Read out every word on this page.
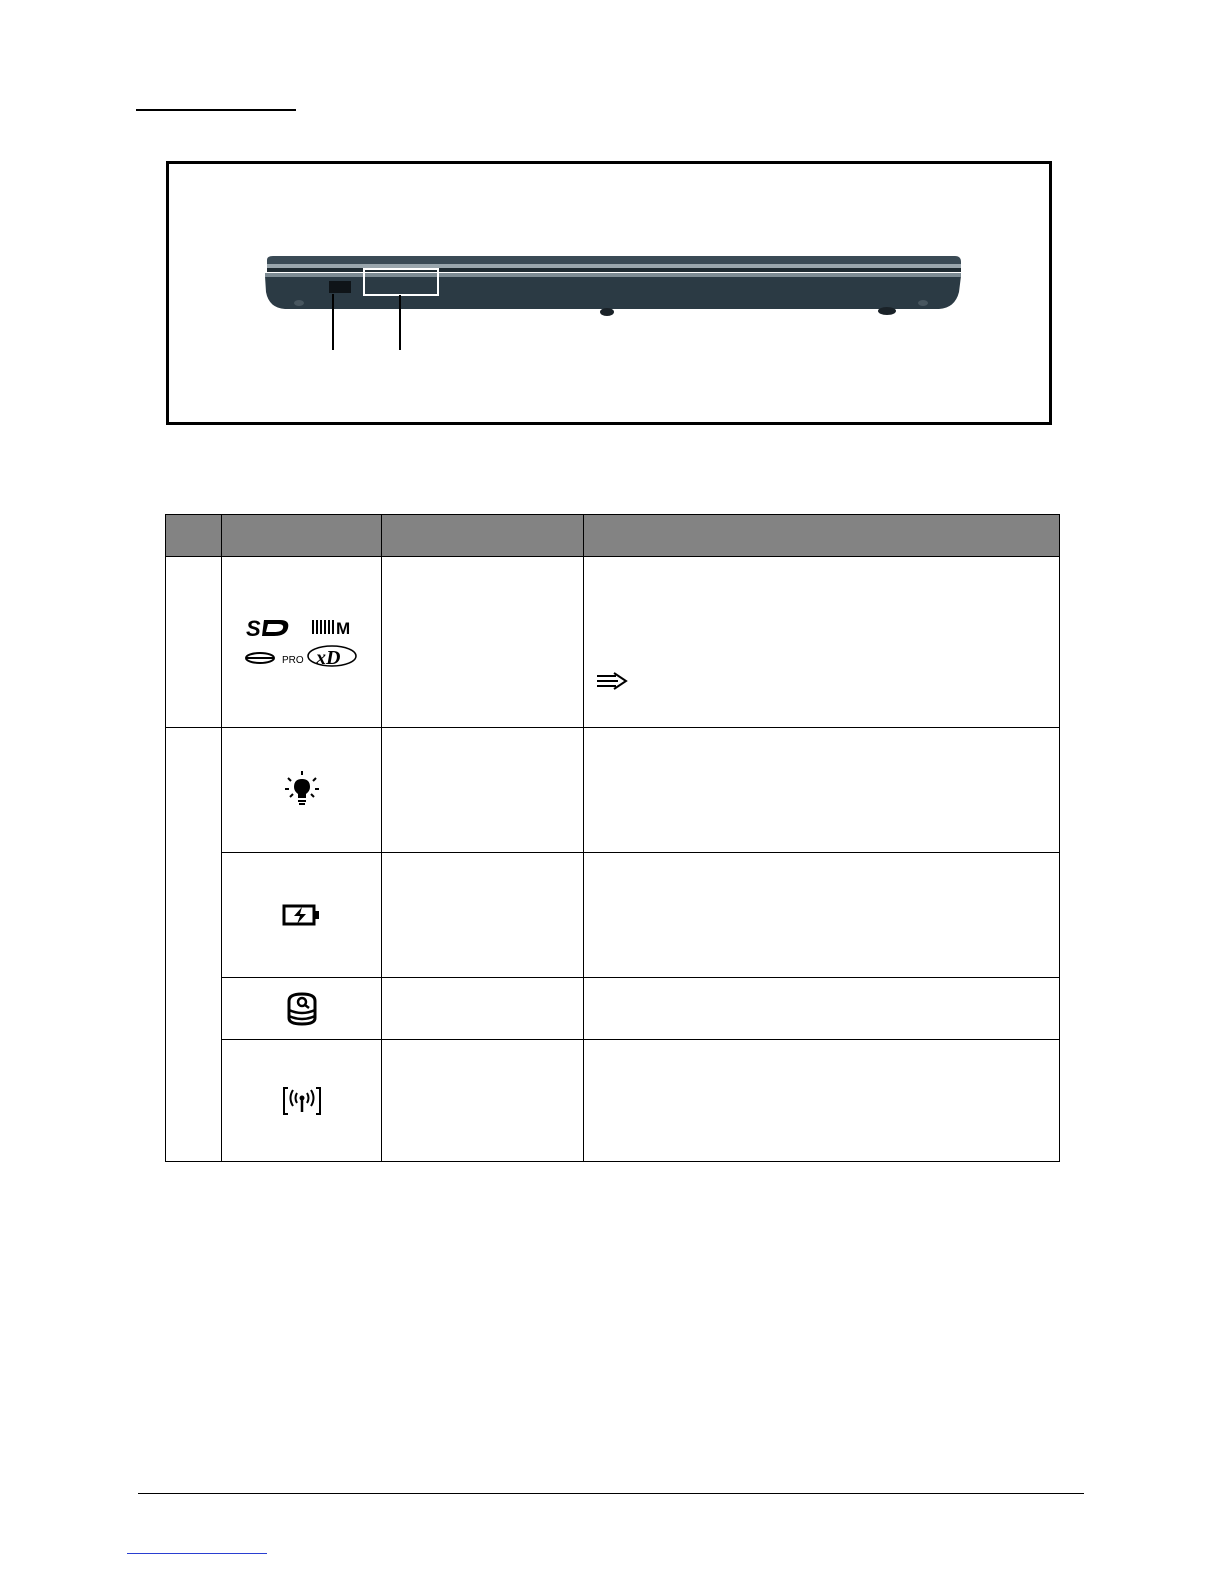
S M
PRO xD
